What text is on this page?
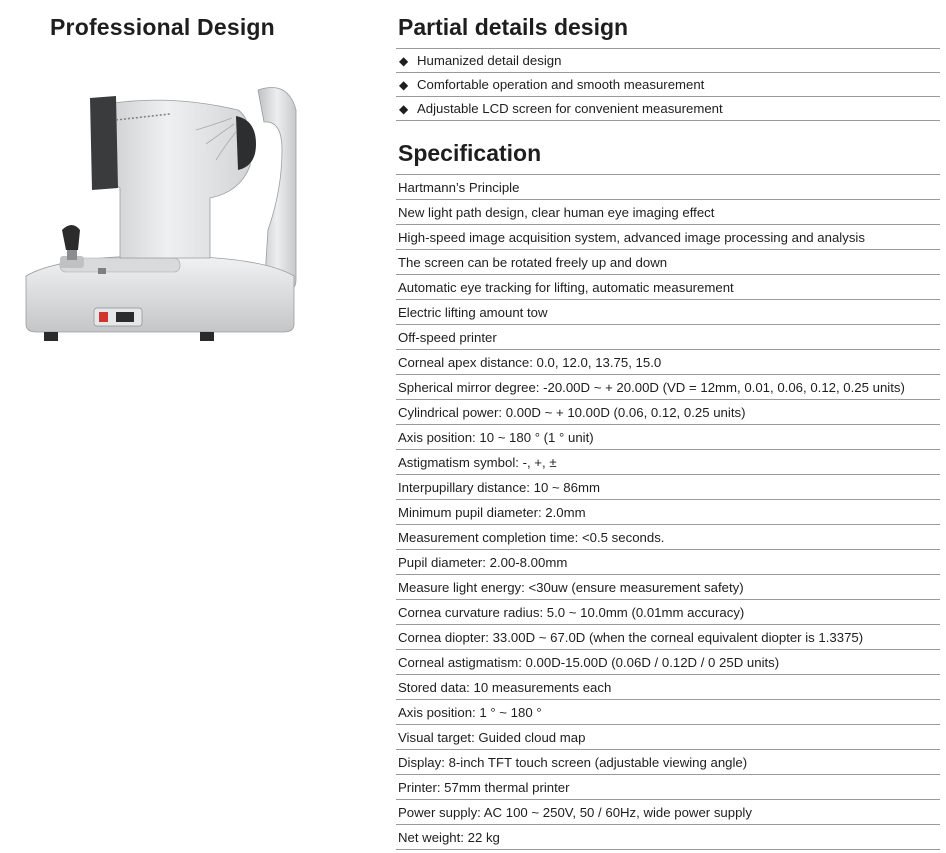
Professional Design	Partial details design
◆ Humanized detail design
◆ Comfortable operation and smooth measurement
◆ Adjustable LCD screen for convenient measurement
Specification
Hartmann’s Principle
New light path design, clear human eye imaging effect
High-speed image acquisition system, advanced image processing and analysis
The screen can be rotated freely up and down
Automatic eye tracking for lifting, automatic measurement
Electric lifting amount tow
Off-speed printer
Corneal apex distance: 0.0, 12.0, 13.75, 15.0
Spherical mirror degree: -20.00D ~ + 20.00D (VD = 12mm, 0.01, 0.06, 0.12, 0.25 units)
Cylindrical power: 0.00D ~ + 10.00D (0.06, 0.12, 0.25 units)
Axis position: 10 ~ 180 ° (1 ° unit)
Astigmatism symbol: -, +, ±
Interpupillary distance: 10 ~ 86mm
Minimum pupil diameter: 2.0mm
Measurement completion time: <0.5 seconds.
Pupil diameter: 2.00-8.00mm
Measure light energy: <30uw (ensure measurement safety)
Cornea curvature radius: 5.0 ~ 10.0mm (0.01mm accuracy)
Cornea diopter: 33.00D ~ 67.0D (when the corneal equivalent diopter is 1.3375)
Corneal astigmatism: 0.00D-15.00D (0.06D / 0.12D / 0 25D units)
Stored data: 10 measurements each
Axis position: 1 ° ~ 180 °
Visual target: Guided cloud map
Display: 8-inch TFT touch screen (adjustable viewing angle)
Printer: 57mm thermal printer
Power supply: AC 100 ~ 250V, 50 / 60Hz, wide power supply
Net weight: 22 kg
